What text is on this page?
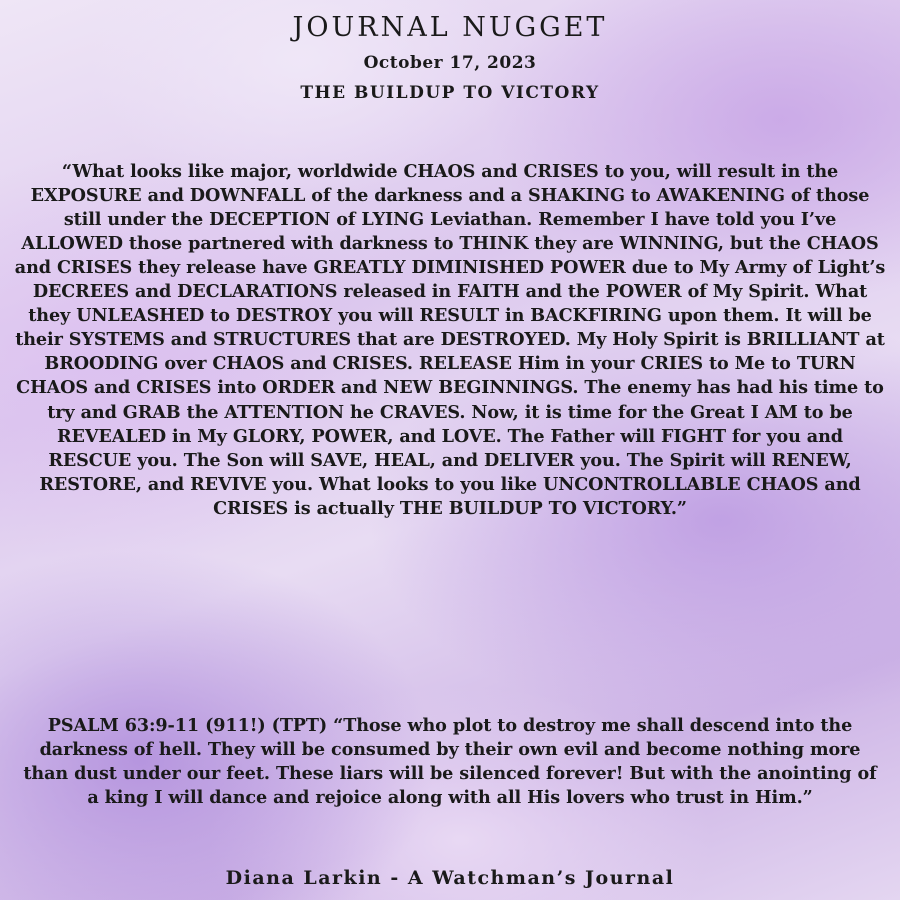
JOURNAL NUGGET
October 17, 2023
THE BUILDUP TO VICTORY

“What looks like major, worldwide CHAOS and CRISES to you, will result in the EXPOSURE and DOWNFALL of the darkness and a SHAKING to AWAKENING of those still under the DECEPTION of LYING Leviathan. Remember I have told you I’ve ALLOWED those partnered with darkness to THINK they are WINNING, but the CHAOS and CRISES they release have GREATLY DIMINISHED POWER due to My Army of Light’s DECREES and DECLARATIONS released in FAITH and the POWER of My Spirit. What they UNLEASHED to DESTROY you will RESULT in BACKFIRING upon them. It will be their SYSTEMS and STRUCTURES that are DESTROYED. My Holy Spirit is BRILLIANT at BROODING over CHAOS and CRISES. RELEASE Him in your CRIES to Me to TURN CHAOS and CRISES into ORDER and NEW BEGINNINGS. The enemy has had his time to try and GRAB the ATTENTION he CRAVES. Now, it is time for the Great I AM to be REVEALED in My GLORY, POWER, and LOVE. The Father will FIGHT for you and RESCUE you. The Son will SAVE, HEAL, and DELIVER you. The Spirit will RENEW, RESTORE, and REVIVE you. What looks to you like UNCONTROLLABLE CHAOS and CRISES is actually THE BUILDUP TO VICTORY.”

PSALM 63:9-11 (911!) (TPT) “Those who plot to destroy me shall descend into the darkness of hell. They will be consumed by their own evil and become nothing more than dust under our feet. These liars will be silenced forever! But with the anointing of a king I will dance and rejoice along with all His lovers who trust in Him.”

Diana Larkin - A Watchman’s Journal
